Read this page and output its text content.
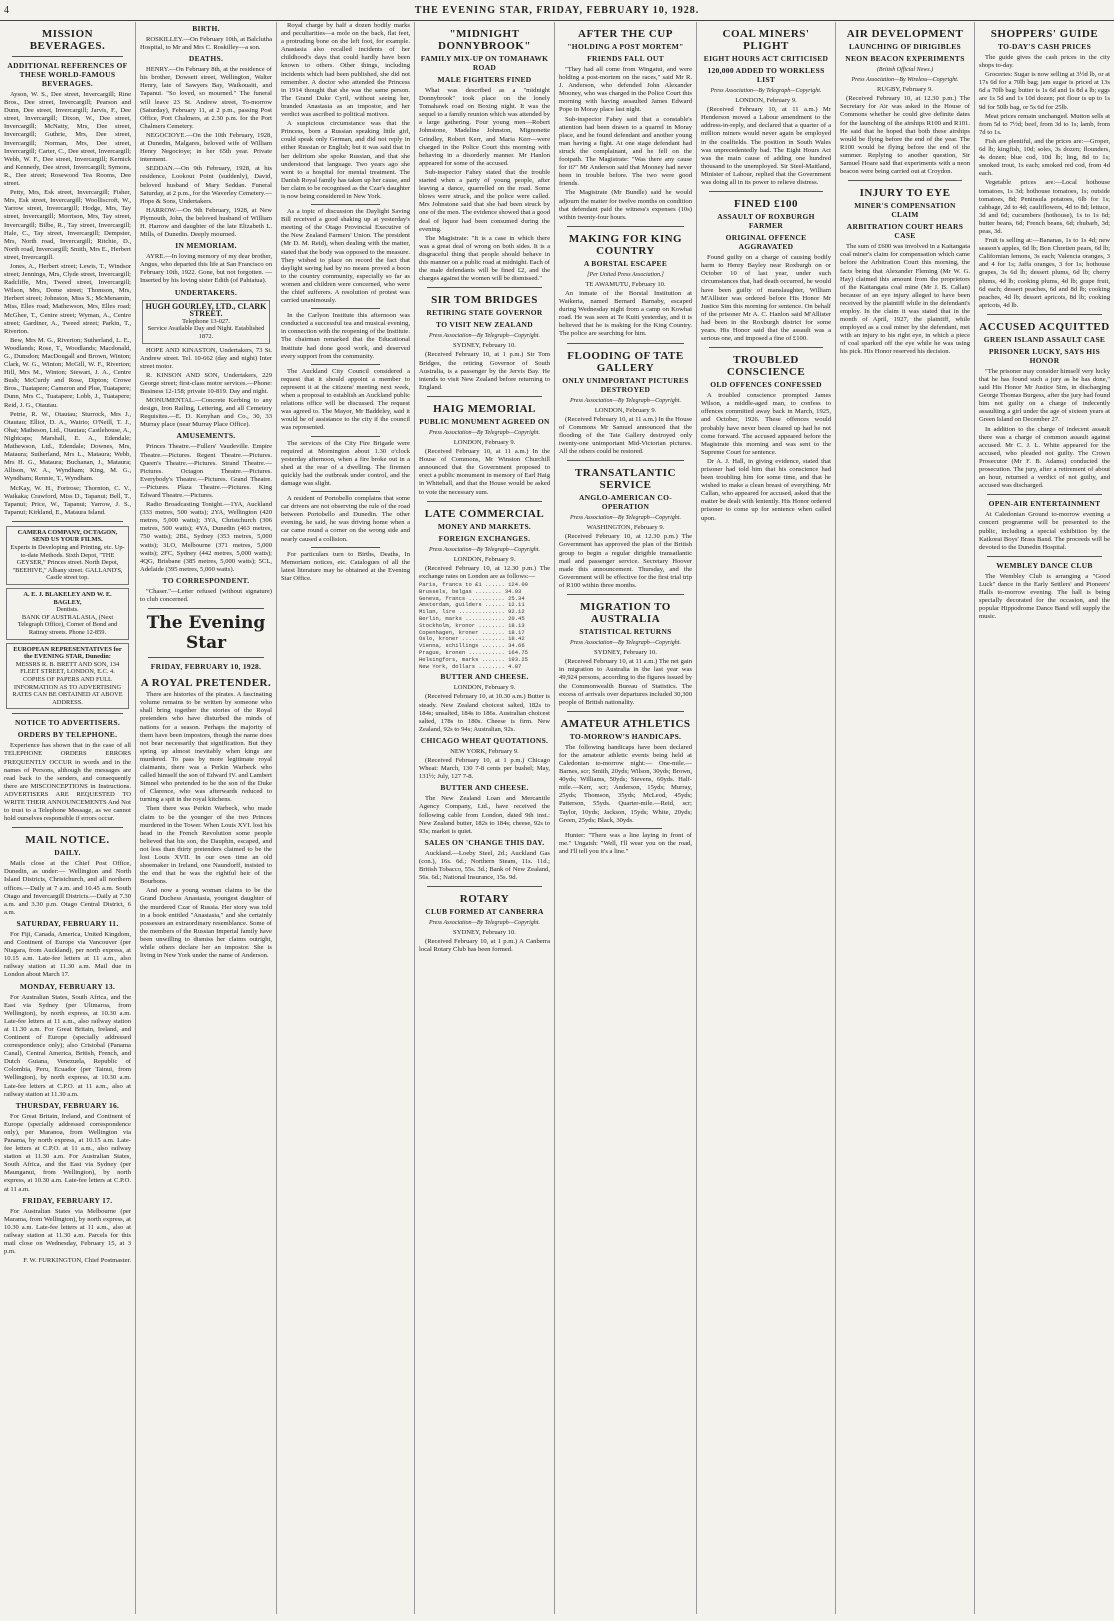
4	THE EVENING STAR, FRIDAY, FEBRUARY 10, 1928.
MISSION BEVERAGES.
ADDITIONAL REFERENCES OF THESE WORLD-FAMOUS BEVERAGES.

Ayson, W. S., Dee street, Invercargill; Rine Bros., Dee street, Invercargill; Pearson and Dunn, Dee street, Invercargill; Jarvis, F., Dee street, Invercargill; Dixon, W., Dee street, Invercargill; McNatty, Mrs, Dee street, Invercargill; Guthrie, Mrs, Dee street, Invercargill; Norman, Mrs, Dee street, Invercargill; Carter, C., Dee street, Invercargill; Webb, W. F., Dee street, Invercargill; Kernick and Kennedy, Dee street, Invercargill; Symons, R., Dee street; Rosewood Tea Rooms, Dee street.

Petty, Mrs, Esk street, Invercargill; Fisher, Mrs, Esk street, Invercargill; Woolliscroft, W., Yarrow street, Invercargill; Hodge, Mrs, Tay street, Invercargill; Morrison, Mrs, Tay street, Invercargill; Bilbe, R., Tay street, Invercargill; Hale, C., Tay street, Invercargill; Dempster, Mrs, North road, Invercargill; Ritchie, D., North road, Invercargill; Smith, Mrs E., Herbert street, Invercargill.

Jones, A., Herbert street; Lewis, T., Windsor street; Jennings, Mrs, Clyde street, Invercargill; Radcliffe, Mrs, Tweed street, Invercargill; Wilson, Mrs, Dome street; Thomson, Mrs, Herbert street; Johnston, Miss S.; McMenamin, Miss, Elles road; Mathewson, Mrs, Elles road; McGhee, T., Centre street; Wyman, A., Centre street; Gardiner, A., Tweed street; Parkin, T., Riverton.

Bew, Mrs M. G., Riverton; Sutherland, L. E., Woodlands; Rose, T., Woodlands; Macdonald, G., Dunsdon; MacDougall and Brown, Winton; Clark, W. G., Winton; McGill, W. F., Riverton; Hill, Mrs M., Winton; Stewart, J. A., Centre Bush; McCurdy and Rose, Dipton; Crowe Bros., Tuatapere; Cameron and Plue, Tuatapere; Dunn, Mrs C., Tuatapere; Lobb, J., Tuatapere; Reid, J. G., Otautau.

Petrie, R. W., Otautau; Sturrock, Mrs J., Otautau; Elliot, D. A., Wairio; O'Neill, T. J., Ohai; Matheson, Ltd., Otautau; Castlehouse, A., Nightcaps; Marshall, E. A., Edendale; Mathewson, Ltd., Edendale; Downes, Mrs, Mataura; Sutherland, Mrs L., Mataura; Webb, Mrs H. G., Mataura; Buchanan, J., Mataura; Allison, W. A., Wyndham; King, M. G., Wyndham; Rennie, T., Wyndham.

McKay, W. H., Fortrose; Thornton, C. V., Waikaka; Crawford, Miss D., Tapanui; Bell, T., Tapanui; Price, W., Tapanui; Yarrow, J. S., Tapanui; Kirkland, E., Mataura Island.

CAMERA COMPANY, OCTAGON,
SEND US YOUR FILMS.
Experts in Developing and Printing, etc. Up-to-date Methods. Sixth Depot, "THE GEYSER," Princes street. North Depot, "BEEHIVE," Albany street. GALLAND'S, Castle street top.
A. E. J. BLAKELEY AND W. E. BAGLEY,
Dentists.
BANK OF AUSTRALASIA, (Next Telegraph Office), Corner of Bond and Rattray streets. Phone 12-859.
EUROPEAN REPRESENTATIVES for the EVENING STAR, Dunedin:
MESSRS R. B. BRETT AND SON, 134 FLEET STREET, LONDON, E.C. 4. COPIES OF PAPERS AND FULL INFORMATION AS TO ADVERTISING RATES CAN BE OBTAINED AT ABOVE ADDRESS.
NOTICE TO ADVERTISERS.
ORDERS BY TELEPHONE.

Experience has shown that in the case of all TELEPHONE ORDERS ERRORS FREQUENTLY OCCUR in words and in the names of Persons, although the messages are read back to the senders, and consequently there are MISCONCEPTIONS in Instructions. ADVERTISERS ARE REQUESTED TO WRITE THEIR ANNOUNCEMENTS And Not to trust to a Telephone Message, as we cannot hold ourselves responsible if errors occur.

MAIL NOTICE.
DAILY.

Mails close at the Chief Post Office, Dunedin, as under:— Wellington and North Island Districts, Christchurch, and all northern offices.—Daily at 7 a.m. and 10.45 a.m. South Otago and Invercargill Districts.—Daily at 7.30 a.m. and 3.30 p.m. Otago Central District, 6 a.m.

SATURDAY, FEBRUARY 11.

For Fiji, Canada, America, United Kingdom, and Continent of Europe via Vancouver (per Niagara, from Auckland), per north express, at 10.15 a.m. Late-fee letters at 11 a.m., also railway station at 11.30 a.m. Mail due in London about March 17.

MONDAY, FEBRUARY 13.

For Australian States, South Africa, and the East via Sydney (per Ulimaroa, from Wellington), by north express, at 10.30 a.m. Late-fee letters at 11 a.m., also railway station at 11.30 a.m. For Great Britain, Ireland, and Continent of Europe (specially addressed correspondence only); also Cristobal (Panama Canal), Central America, British, French, and Dutch Guiana, Venezuela, Republic of Colombia, Peru, Ecuador (per Tainui, from Wellington), by north express, at 10.30 a.m. Late-fee letters at C.P.O. at 11 a.m., also at railway station at 11.30 a.m.

THURSDAY, FEBRUARY 16.

For Great Britain, Ireland, and Continent of Europe (specially addressed correspondence only), per Maranoa, from Wellington via Panama, by north express, at 10.15 a.m. Late-fee letters at C.P.O. at 11 a.m., also railway station at 11.30 a.m. For Australian States, South Africa, and the East via Sydney (per Maunganui, from Wellington), by north express, at 10.30 a.m. Late-fee letters at C.P.O. at 11 a.m.

FRIDAY, FEBRUARY 17.

For Australian States via Melbourne (per Marama, from Wellington), by north express, at 10.30 a.m. Late-fee letters at 11 a.m., also at railway station at 11.30 a.m. Parcels for this mail close on Wednesday, February 15, at 3 p.m.

F. W. FURKINGTON, Chief Postmaster.

BIRTH.

ROSKILLEY.—On February 10th, at Balclutha Hospital, to Mr and Mrs C. Roskilley—a son.

DEATHS.

HENRY.—On February 8th, at the residence of his brother, Dowsett street, Wellington, Walter Henry, late of Sawyers Bay, Waikouaiti, and Tapanui. "So loved, so mourned." The funeral will leave 23 St. Andrew street, To-morrow (Saturday), February 11, at 2 p.m., passing Post Office, Port Chalmers, at 2.30 p.m. for the Port Chalmers Cemetery.

NEGOCIOYE.—On the 10th February, 1928, at Dunedin, Malgares, beloved wife of William Henry Negocioye; in her 65th year. Private interment.

SEDDAN.—On 9th February, 1928, at his residence, Lookout Point (suddenly), David, beloved husband of Mary Seddan. Funeral Saturday, at 2 p.m., for the Waverley Cemetery.—Hope & Sons, Undertakers.

HARROW.—On 9th February, 1928, at New Plymouth, John, the beloved husband of William H. Harrow and daughter of the late Elizabeth L. Mills, of Dunedin. Deeply mourned.

IN MEMORIAM.

AYRE.—In loving memory of my dear brother, Angus, who departed this life at San Francisco on February 10th, 1922. Gone, but not forgotten. —Inserted by his loving sister Edith (of Pahiatua).

UNDERTAKERS.
HUGH GOURLEY, LTD., CLARK STREET.
Telephone 13-027.
Service Available Day and Night. Established 1872.

HOPE AND KINASTON, Undertakers, 73 St. Andrew street. Tel. 10-662 (day and night) Inter street motor.

R. KINSON AND SON, Undertakers, 229 George street; first-class motor services.—Phone: Business 12-158; private 10-819. Day and night.

MONUMENTAL.—Concrete Kerbing to any design, Iron Railing, Lettering, and all Cemetery Requisites.—E. D. Kenyhan and Co., 30, 33 Murray place (near Murray Place Office).

AMUSEMENTS.

Princes Theatre.—Fullers' Vaudeville. Empire Theatre.—Pictures. Regent Theatre.—Pictures. Queen's Theatre.—Pictures. Strand Theatre.—Pictures. Octagon Theatre.—Pictures. Everybody's Theatre.—Pictures. Grand Theatre.—Pictures. Plaza Theatre.—Pictures. King Edward Theatre.—Pictures.

Radio Broadcasting Tonight.—1YA, Auckland (333 metres, 500 watts); 2YA, Wellington (420 metres, 5,000 watts); 3YA, Christchurch (306 metres, 500 watts); 4YA, Dunedin (463 metres, 750 watts); 2BL, Sydney (353 metres, 5,000 watts); 3LO, Melbourne (371 metres, 5,000 watts); 2FC, Sydney (442 metres, 5,000 watts); 4QG, Brisbane (385 metres, 5,000 watts); 5CL, Adelaide (395 metres, 5,000 watts).

TO CORRESPONDENT.

"Chaser."—Letter refused (without signature) to club concerned.

The Evening Star
FRIDAY, FEBRUARY 10, 1928.
A ROYAL PRETENDER.

There are histories of the pirates. A fascinating volume remains to be written by someone who shall bring together the stories of the Royal pretenders who have disturbed the minds of nations for a season. Perhaps the majority of them have been impostors, though the name does not bear necessarily that signification. But they spring up almost inevitably when kings are murdered. To pass by more legitimate royal claimants, there was a Perkin Warbeck who called himself the son of Edward IV. and Lambert Simnel who pretended to be the son of the Duke of Clarence, who was afterwards reduced to turning a spit in the royal kitchens.

Then there was Perkin Warbeck, who made claim to be the younger of the two Princes murdered in the Tower. When Louis XVI. lost his head in the French Revolution some people believed that his son, the Dauphin, escaped, and not less than thirty pretenders claimed to be the lost Louis XVII. In our own time an old shoemaker in Ireland, one Naundorff, insisted to the end that he was the rightful heir of the Bourbons.

And now a young woman claims to be the Grand Duchess Anastasia, youngest daughter of the murdered Czar of Russia. Her story was told in a book entitled "Anastasia," and she certainly possesses an extraordinary resemblance. Some of the members of the Russian Imperial family have been unwilling to dismiss her claims outright, while others declare her an impostor. She is living in New York under the name of Anderson.

Royal charge by half a dozen bodily marks and peculiarities—a mole on the back, flat feet, a protruding bone on the left foot, for example. Anastasia also recalled incidents of her childhood's days that could hardly have been known to others. Other things, including incidents which had been published, she did not remember. A doctor who attended the Princess in 1914 thought that she was the same person. The Grand Duke Cyril, without seeing her, branded Anastasia as an impostor, and her verdict was ascribed to political motives.

A suspicious circumstance was that the Princess, born a Russian speaking little girl, could speak only German, and did not reply in either Russian or English; but it was said that in her delirium she spoke Russian, and that she understood that language. Two years ago she went to a hospital for mental treatment. The Danish Royal family has taken up her cause, and her claim to be recognised as the Czar's daughter is now being considered in New York.

As a topic of discussion the Daylight Saving Bill received a good shaking up at yesterday's meeting of the Otago Provincial Executive of the New Zealand Farmers' Union. The president (Mr D. M. Reid), when dealing with the matter, stated that the body was opposed to the measure. They wished to place on record the fact that daylight saving had by no means proved a boon to the country community, especially so far as women and children were concerned, who were the chief sufferers. A resolution of protest was carried unanimously.

In the Carlyon Institute this afternoon was conducted a successful tea and musical evening, in connection with the reopening of the Institute. The chairman remarked that the Educational Institute had done good work, and deserved every support from the community.

The Auckland City Council considered a request that it should appoint a member to represent it at the citizens' meeting next week, when a proposal to establish an Auckland public relations office will be discussed. The request was agreed to. The Mayor, Mr Baddeley, said it would be of assistance to the city if the council was represented.

The services of the City Fire Brigade were required at Mornington about 1.30 o'clock yesterday afternoon, when a fire broke out in a shed at the rear of a dwelling. The firemen quickly had the outbreak under control, and the damage was slight.

A resident of Portobello complains that some car drivers are not observing the rule of the road between Portobello and Dunedin. The other evening, he said, he was driving home when a car came round a corner on the wrong side and nearly caused a collision.

For particulars turn to Births, Deaths, In Memoriam notices, etc. Catalogues of all the latest literature may be obtained at the Evening Star Office.

"MIDNIGHT DONNYBROOK"
FAMILY MIX-UP ON TOMAHAWK ROAD
MALE FIGHTERS FINED

What was described as a "midnight Donnybrook" took place on the lonely Tomahawk road on Boxing night. It was the sequel to a family reunion which was attended by a large gathering. Four young men—Robert Johnstone, Madeline Johnston, Mignonette Grindley, Robert Kerr, and Maria Kerr—were charged in the Police Court this morning with behaving in a disorderly manner. Mr Hanlon appeared for some of the accused.

Sub-inspector Fahey stated that the trouble started when a party of young people, after leaving a dance, quarrelled on the road. Some blows were struck, and the police were called. Mrs Johnstone said that she had been struck by one of the men. The evidence showed that a good deal of liquor had been consumed during the evening.

The Magistrate: "It is a case in which there was a great deal of wrong on both sides. It is a disgraceful thing that people should behave in this manner on a public road at midnight. Each of the male defendants will be fined £2, and the charges against the women will be dismissed."

SIR TOM BRIDGES
RETIRING STATE GOVERNOR
TO VISIT NEW ZEALAND

Press Association—By Telegraph—Copyright.

SYDNEY, February 10.

(Received February 10, at 1 p.m.) Sir Tom Bridges, the retiring Governor of South Australia, is a passenger by the Jervis Bay. He intends to visit New Zealand before returning to England.

HAIG MEMORIAL
PUBLIC MONUMENT AGREED ON

Press Association—By Telegraph—Copyright.

LONDON, February 9.

(Received February 10, at 11 a.m.) In the House of Commons, Mr Winston Churchill announced that the Government proposed to erect a public monument in memory of Earl Haig in Whitehall, and that the House would be asked to vote the necessary sum.

LATE COMMERCIAL
MONEY AND MARKETS.
FOREIGN EXCHANGES.

Press Association—By Telegraph—Copyright.

LONDON, February 9.

(Received February 10, at 12.30 p.m.) The exchange rates on London are as follows:—

Paris, francs to £1 ...... 124.00
Brussels, belgas ........ 34.93
Geneva, francs ........... 25.34
Amsterdam, guilders ...... 12.11
Milan, lire .............. 92.12
Berlin, marks ............ 20.45
Stockholm, kronor ........ 18.13
Copenhagen, kroner ....... 18.17
Oslo, kroner ............. 18.42
Vienna, schillings ....... 34.66
Prague, kronen ........... 164.75
Helsingfors, marks ....... 193.25
New York, dollars ........ 4.87
BUTTER AND CHEESE.

LONDON, February 9.

(Received February 10, at 10.30 a.m.) Butter is steady. New Zealand choicest salted, 182s to 184s; unsalted, 184s to 186s. Australian choicest salted, 178s to 180s. Cheese is firm. New Zealand, 92s to 94s; Australian, 92s.

CHICAGO WHEAT QUOTATIONS.

NEW YORK, February 9.

(Received February 10, at 1 p.m.) Chicago Wheat: March, 130 7-8 cents per bushel; May, 131½; July, 127 7-8.

BUTTER AND CHEESE.

The New Zealand Loan and Mercantile Agency Company, Ltd., have received the following cable from London, dated 9th inst.: New Zealand butter, 182s to 184s; cheese, 92s to 93s; market is quiet.

SALES ON 'CHANGE THIS DAY.

Auckland.—Loeby Steel, 2d.; Auckland Gas (con.), 16s. 6d.; Northern Steam, 11s. 11d.; British Tobacco, 55s. 3d.; Bank of New Zealand, 56s. 6d.; National Insurance, 15s. 9d.

ROTARY
CLUB FORMED AT CANBERRA

Press Association—By Telegraph—Copyright.

SYDNEY, February 10.

(Received February 10, at 1 p.m.) A Canberra local Rotary Club has been formed.

AFTER THE CUP
"HOLDING A POST MORTEM"
FRIENDS FALL OUT

"They had all come from Wingatui, and were holding a post-mortem on the races," said Mr R. J. Anderson, who defended John Alexander Mooney, who was charged in the Police Court this morning with having assaulted James Edward Pope in Moray place last night.

Sub-inspector Fahey said that a constable's attention had been drawn to a quarrel in Moray place, and he found defendant and another young man having a fight. At one stage defendant had struck the complainant, and he fell on the footpath. The Magistrate: "Was there any cause for it?" Mr Anderson said that Mooney had never been in trouble before. The two were good friends.

The Magistrate (Mr Bundle) said he would adjourn the matter for twelve months on condition that defendant paid the witness's expenses (10s) within twenty-four hours.

MAKING FOR KING COUNTRY
A BORSTAL ESCAPEE

[Per United Press Association.]

TE AWAMUTU, February 10.

An inmate of the Borstal Institution at Waikeria, named Bernard Barnaby, escaped during Wednesday night from a camp on Kowhai road. He was seen at Te Kuiti yesterday, and it is believed that he is making for the King Country. The police are searching for him.

FLOODING OF TATE GALLERY
ONLY UNIMPORTANT PICTURES DESTROYED

Press Association—By Telegraph—Copyright.

LONDON, February 9.

(Received February 10, at 11 a.m.) In the House of Commons Mr Samuel announced that the flooding of the Tate Gallery destroyed only twenty-one unimportant Mid-Victorian pictures. All the others could be restored.

TRANSATLANTIC SERVICE
ANGLO-AMERICAN CO-OPERATION

Press Association—By Telegraph—Copyright.

WASHINGTON, February 9.

(Received February 10, at 12.30 p.m.) The Government has approved the plan of the British group to begin a regular dirigible transatlantic mail and passenger service. Secretary Hoover made this announcement. Thursday, and the Government will be effective for the first trial trip of R100 within three months.

MIGRATION TO AUSTRALIA
STATISTICAL RETURNS

Press Association—By Telegraph—Copyright.

SYDNEY, February 10.

(Received February 10, at 11 a.m.) The net gain in migration to Australia in the last year was 49,924 persons, according to the figures issued by the Commonwealth Bureau of Statistics. The excess of arrivals over departures included 30,300 people of British nationality.

AMATEUR ATHLETICS
TO-MORROW'S HANDICAPS.

The following handicaps have been declared for the amateur athletic events being held at Caledonian to-morrow night:— One-mile.—Barnes, scr; Smith, 20yds; Wilson, 30yds; Brown, 40yds; Williams, 50yds; Stevens, 60yds. Half-mile.—Kerr, scr; Anderson, 15yds; Murray, 25yds; Thomson, 35yds; McLeod, 45yds; Patterson, 55yds. Quarter-mile.—Reid, scr; Taylor, 10yds; Jackson, 15yds; White, 20yds; Green, 25yds; Black, 30yds.

Hunter: "There was a line laying in front of me." Ungaish: "Well, I'll wear you on the road, and I'll tell you it's a line."

COAL MINERS' PLIGHT
EIGHT HOURS ACT CRITICISED
120,000 ADDED TO WORKLESS LIST

Press Association—By Telegraph—Copyright.

LONDON, February 9.

(Received February 10, at 11 a.m.) Mr Henderson moved a Labour amendment to the address-in-reply, and declared that a quarter of a million miners would never again be employed in the coalfields. The position in South Wales was unprecedentedly bad. The Eight Hours Act was the main cause of adding one hundred thousand to the unemployed. Sir Steel-Maitland, Minister of Labour, replied that the Government was doing all in its power to relieve distress.

FINED £100
ASSAULT OF ROXBURGH FARMER
ORIGINAL OFFENCE AGGRAVATED

Found guilty on a charge of causing bodily harm to Henry Bayley near Roxburgh on or October 10 of last year, under such circumstances that, had death occurred, he would have been guilty of manslaughter, William M'Allister was ordered before His Honor Mr Justice Sim this morning for sentence. On behalf of the prisoner Mr A. C. Hanlon said M'Allister had been in the Roxburgh district for some years. His Honor said that the assault was a serious one, and imposed a fine of £100.

TROUBLED CONSCIENCE
OLD OFFENCES CONFESSED

A troubled conscience prompted James Wilson, a middle-aged man, to confess to offences committed away back in March, 1925, and October, 1926. These offences would probably have never been cleared up had he not come forward. The accused appeared before the Magistrate this morning and was sent to the Supreme Court for sentence.

Dr A. J. Hall, in giving evidence, stated that prisoner had told him that his conscience had been troubling him for some time, and that he wished to make a clean breast of everything. Mr Callan, who appeared for accused, asked that the matter be dealt with leniently. His Honor ordered prisoner to come up for sentence when called upon.

AIR DEVELOPMENT
LAUNCHING OF DIRIGIBLES
NEON BEACON EXPERIMENTS

(British Official News.)

Press Association—By Wireless—Copyright.

RUGBY, February 9.

(Received February 10, at 12.30 p.m.) The Secretary for Air was asked in the House of Commons whether he could give definite dates for the launching of the airships R100 and R101. He said that he hoped that both these airships would be flying before the end of the year. The R100 would be flying before the end of the summer. Replying to another question, Sir Samuel Hoare said that experiments with a neon beacon were being carried out at Croydon.

INJURY TO EYE
MINER'S COMPENSATION CLAIM
ARBITRATION COURT HEARS CASE

The sum of £600 was involved in a Kaitangata coal miner's claim for compensation which came before the Arbitration Court this morning, the facts being that Alexander Fleming (Mr W. G. Hay) claimed this amount from the proprietors of the Kaitangata coal mine (Mr J. B. Callan) because of an eye injury alleged to have been received by the plaintiff while in the defendant's employ. In the claim it was stated that in the month of April, 1927, the plaintiff, while employed as a coal miner by the defendant, met with an injury to his right eye, in which a piece of coal sparked off the eye while he was using his pick. His Honor reserved his decision.

SHOPPERS' GUIDE
TO-DAY'S CASH PRICES

The guide gives the cash prices in the city shops to-day.

Groceries: Sugar is now selling at 3½d lb, or at 17s 6d for a 70lb bag; jam sugar is priced at 13s 6d a 70lb bag; butter is 1s 6d and 1s 8d a lb; eggs are 1s 5d and 1s 10d dozen; pot flour is up to 1s 9d for 50lb bag, or 5s 6d for 25lb.

Meat prices remain unchanged. Mutton sells at from 5d to 7½d; beef, from 3d to 1s; lamb, from 7d to 1s.

Fish are plentiful, and the prices are:—Groper, 6d lb; kingfish, 10d; soles, 3s dozen; flounders, 4s dozen; blue cod, 10d lb; ling, 8d to 1s; smoked trout, 1s each; smoked red cod, from 4d each.

Vegetable prices are:—Local hothouse tomatoes, 1s 3d; hothouse tomatoes, 1s; outside tomatoes, 8d; Peninsula potatoes, 6lb for 1s; cabbage, 2d to 4d; cauliflowers, 4d to 8d; lettuce, 3d and 6d; cucumbers (hothouse), 1s to 1s 6d; butter beans, 6d; French beans, 6d; rhubarb, 3d; peas, 3d.

Fruit is selling at:—Bananas, 1s to 1s 4d; new season's apples, 6d lb; Bon Chretien pears, 6d lb; Californian lemons, 3s each; Valencia oranges, 3 and 4 for 1s; Jaffa oranges, 3 for 1s; hothouse grapes, 3s 6d lb; dessert plums, 6d lb; cherry plums, 4d lb; cooking plums, 4d lb; grape fruit, 6d each; dessert peaches, 6d and 8d lb; cooking peaches, 4d lb; dessert apricots, 8d lb; cooking apricots, 4d lb.

ACCUSED ACQUITTED
GREEN ISLAND ASSAULT CASE
PRISONER LUCKY, SAYS HIS HONOR

"The prisoner may consider himself very lucky that he has found such a jury as he has done," said His Honor Mr Justice Sim, in discharging George Thomas Burgess, after the jury had found him not guilty on a charge of indecently assaulting a girl under the age of sixteen years at Green Island on December 27.

In addition to the charge of indecent assault there was a charge of common assault against accused. Mr C. J. L. White appeared for the accused, who pleaded not guilty. The Crown Prosecutor (Mr F. B. Adams) conducted the prosecution. The jury, after a retirement of about an hour, returned a verdict of not guilty, and accused was discharged.

OPEN-AIR ENTERTAINMENT

At Caledonian Ground to-morrow evening a concert programme will be presented to the public, including a special exhibition by the Kaikorai Boys' Brass Band. The proceeds will be devoted to the Dunedin Hospital.

WEMBLEY DANCE CLUB

The Wembley Club is arranging a "Good Luck" dance in the Early Settlers' and Pioneers' Halls to-morrow evening. The hall is being specially decorated for the occasion, and the popular Hippodrome Dance Band will supply the music.
